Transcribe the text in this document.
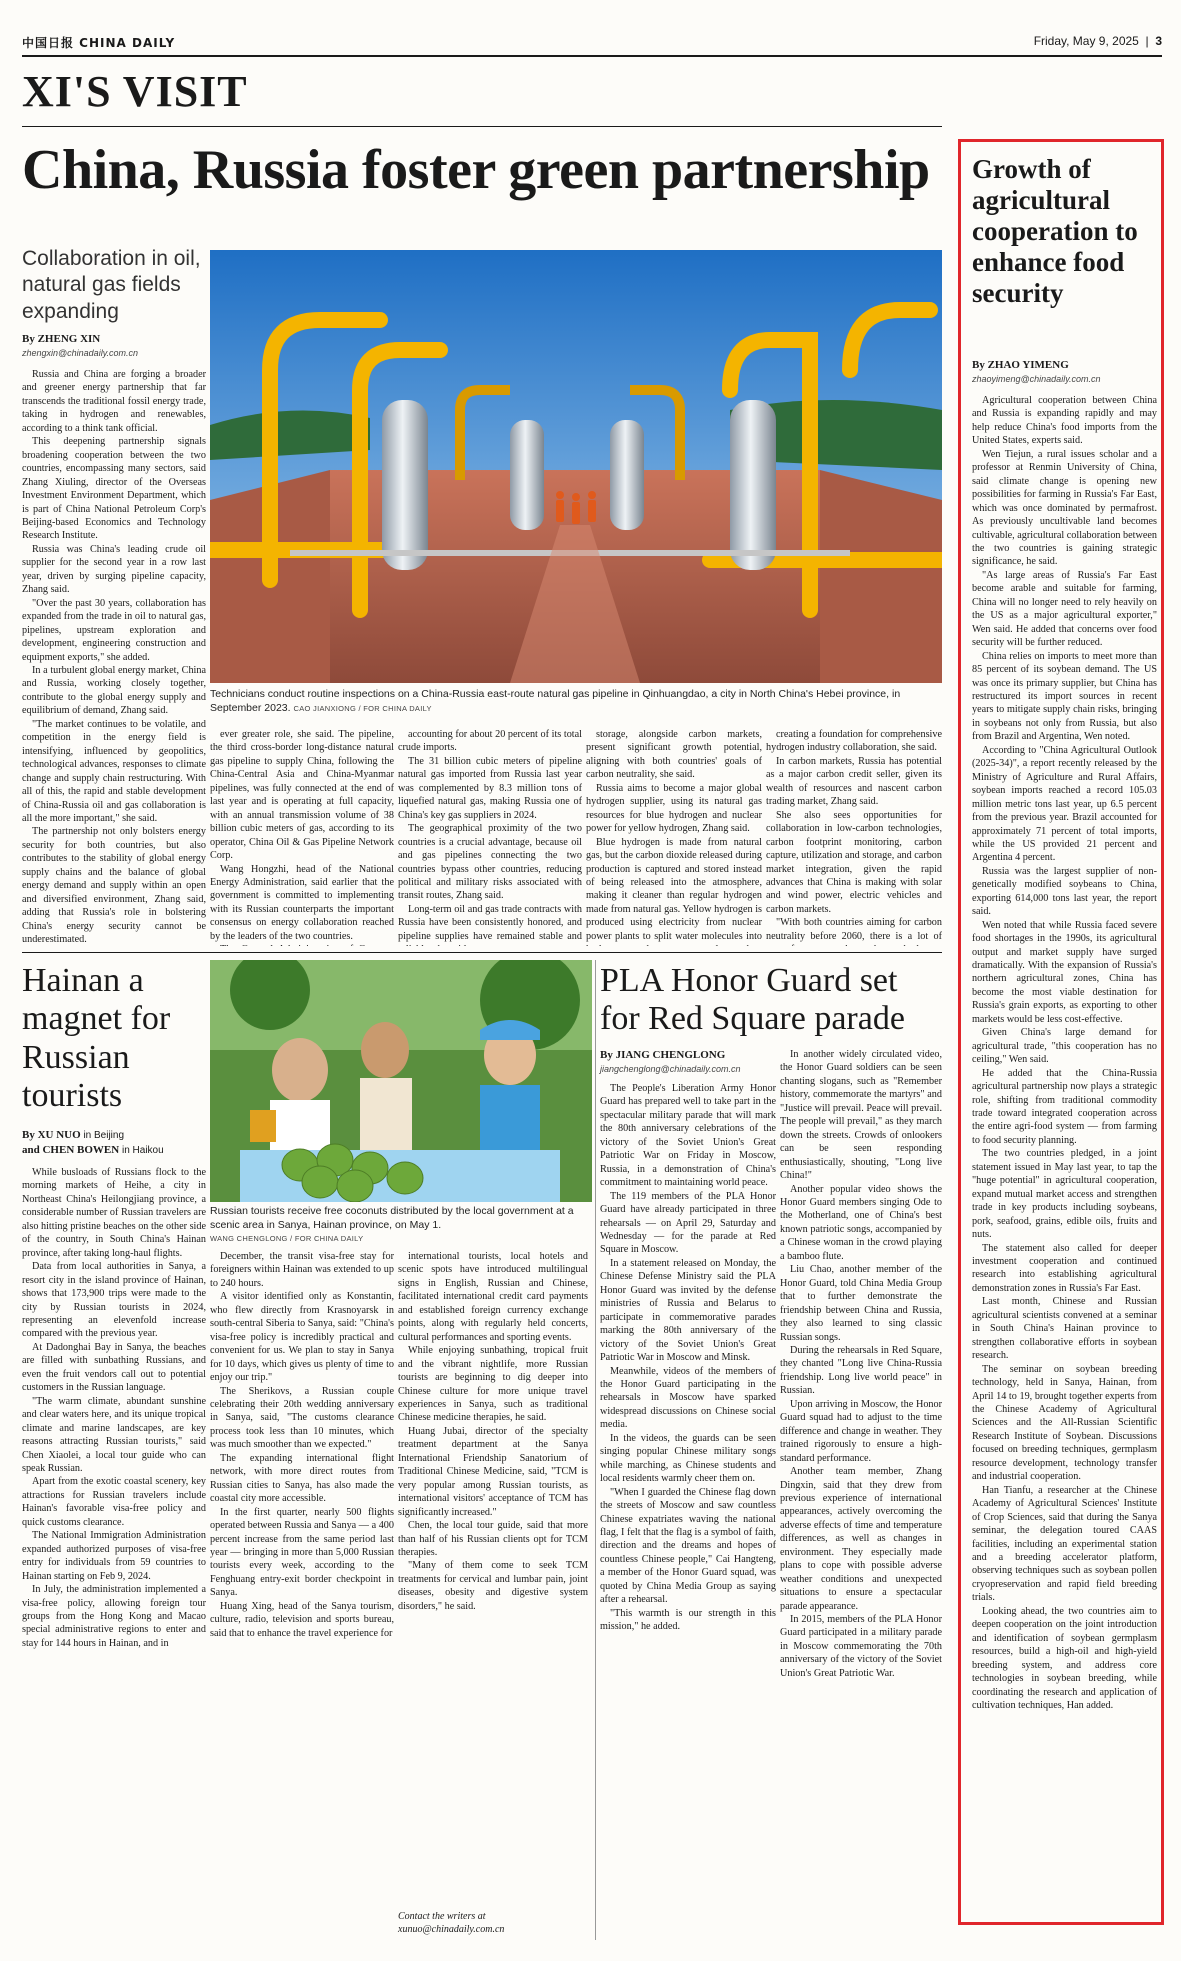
中国日报 CHINA DAILY	Friday, May 9, 2025  |  3
XI'S VISIT
China, Russia foster green partnership
Collaboration in oil, natural gas fields expanding
By ZHENG XIN
zhengxin@chinadaily.com.cn
Technicians conduct routine inspections on a China-Russia east-route natural gas pipeline in Qinhuangdao, a city in North China's Hebei province, in September 2023. CAO JIANXIONG / FOR CHINA DAILY

Russia and China are forging a broader and greener energy partnership that far transcends the traditional fossil energy trade, taking in hydrogen and renewables, according to a think tank official.

This deepening partnership signals broadening cooperation between the two countries, encompassing many sectors, said Zhang Xiuling, director of the Overseas Investment Environment Department, which is part of China National Petroleum Corp's Beijing-based Economics and Technology Research Institute.

Russia was China's leading crude oil supplier for the second year in a row last year, driven by surging pipeline capacity, Zhang said.

"Over the past 30 years, collaboration has expanded from the trade in oil to natural gas, pipelines, upstream exploration and development, engineering construction and equipment exports," she added.

In a turbulent global energy market, China and Russia, working closely together, contribute to the global energy supply and equilibrium of demand, Zhang said.

"The market continues to be volatile, and competition in the energy field is intensifying, influenced by geopolitics, technological advances, responses to climate change and supply chain restructuring. With all of this, the rapid and stable development of China-Russia oil and gas collaboration is all the more important," she said.

The partnership not only bolsters energy security for both countries, but also contributes to the stability of global energy supply chains and the balance of global energy demand and supply within an open and diversified environment, Zhang said, adding that Russia's role in bolstering China's energy security cannot be underestimated.

ever greater role, she said. The pipeline, the third cross-border long-distance natural gas pipeline to supply China, following the China-Central Asia and China-Myanmar pipelines, was fully connected at the end of last year and is operating at full capacity, with an annual transmission volume of 38 billion cubic meters of gas, according to its operator, China Oil & Gas Pipeline Network Corp.

Wang Hongzhi, head of the National Energy Administration, said earlier that the government is committed to implementing with its Russian counterparts the important consensus on energy collaboration reached by the leaders of the two countries.

accounting for about 20 percent of its total crude imports.

The 31 billion cubic meters of pipeline natural gas imported from Russia last year was complemented by 8.3 million tons of liquefied natural gas, making Russia one of China's key gas suppliers in 2024.

The geographical proximity of the two countries is a crucial advantage, because oil and gas pipelines connecting the two countries bypass other countries, reducing political and military risks associated with transit routes, Zhang said.

Long-term oil and gas trade contracts with Russia have been consistently honored, and pipeline supplies have remained stable and

storage, alongside carbon markets, present significant growth potential, aligning with both countries' goals of carbon neutrality, she said.

Russia aims to become a major global hydrogen supplier, using its natural gas resources for blue hydrogen and nuclear power for yellow hydrogen, Zhang said.

Blue hydrogen is made from natural gas, but the carbon dioxide released during production is captured and stored instead of being released into the atmosphere, making it cleaner than regular hydrogen made from natural gas. Yellow hydrogen is produced using electricity from nuclear power plants to split water molecules into

creating a foundation for comprehensive hydrogen industry collaboration, she said.

In carbon markets, Russia has potential as a major carbon credit seller, given its wealth of resources and nascent carbon trading market, Zhang said.

She also sees opportunities for collaboration in low-carbon technologies, carbon footprint monitoring, carbon capture, utilization and storage, and carbon market integration, given the rapid advances that China is making with solar and wind power, electric vehicles and carbon markets.

"With both countries aiming for carbon neutrality before 2060, there is a lot of

Hainan a magnet for Russian tourists
By XU NUO in Beijing
and CHEN BOWEN in Haikou
Russian tourists receive free coconuts distributed by the local government at a scenic area in Sanya, Hainan province, on May 1.
WANG CHENGLONG / FOR CHINA DAILY

While busloads of Russians flock to the morning markets of Heihe, a city in Northeast China's Heilongjiang province, a considerable number of Russian travelers are also hitting pristine beaches on the other side of the country, in South China's Hainan province, after taking long-haul flights.

Data from local authorities in Sanya, a resort city in the island province of Hainan, shows that 173,900 trips were made to the city by Russian tourists in 2024, representing an elevenfold increase compared with the previous year.

At Dadonghai Bay in Sanya, the beaches are filled with sunbathing Russians, and even the fruit vendors call out to potential customers in the Russian language.

"The warm climate, abundant sunshine and clear waters here, and its unique tropical climate and marine landscapes, are key reasons attracting Russian tourists," said Chen Xiaolei, a local tour guide who can speak Russian.

Apart from the exotic coastal scenery, key attractions for Russian travelers include Hainan's favorable visa-free policy and quick customs clearance.

The National Immigration Administration expanded authorized purposes of visa-free entry for individuals from 59 countries to Hainan starting on Feb 9, 2024.

In July, the administration implemented a visa-free policy, allowing foreign tour groups from the Hong Kong and Macao special administrative regions to enter and stay for 144 hours in Hainan, and in

December, the transit visa-free stay for foreigners within Hainan was extended to up to 240 hours.

A visitor identified only as Konstantin, who flew directly from Krasnoyarsk in south-central Siberia to Sanya, said: "China's visa-free policy is incredibly practical and convenient for us. We plan to stay in Sanya for 10 days, which gives us plenty of time to enjoy our trip."

The Sherikovs, a Russian couple celebrating their 20th wedding anniversary in Sanya, said, "The customs clearance process took less than 10 minutes, which was much smoother than we expected."

The expanding international flight network, with more direct routes from Russian cities to Sanya, has also made the coastal city more accessible.

In the first quarter, nearly 500 flights operated between Russia and Sanya — a 400 percent increase from the same period last year — bringing in more than 5,000 Russian tourists every week, according to the Fenghuang entry-exit border checkpoint in Sanya.

Huang Xing, head of the Sanya tourism, culture, radio, television and sports bureau, said that to enhance the travel experience for

international tourists, local hotels and scenic spots have introduced multilingual signs in English, Russian and Chinese, facilitated international credit card payments and established foreign currency exchange points, along with regularly held concerts, cultural performances and sporting events.

While enjoying sunbathing, tropical fruit and the vibrant nightlife, more Russian tourists are beginning to dig deeper into Chinese culture for more unique travel experiences in Sanya, such as traditional Chinese medicine therapies, he said.

Huang Jubai, director of the specialty treatment department at the Sanya International Friendship Sanatorium of Traditional Chinese Medicine, said, "TCM is very popular among Russian tourists, as international visitors' acceptance of TCM has significantly increased."

Chen, the local tour guide, said that more than half of his Russian clients opt for TCM therapies.

"Many of them come to seek TCM treatments for cervical and lumbar pain, joint diseases, obesity and digestive system disorders," he said.

Contact the writers at
xunuo@chinadaily.com.cn
PLA Honor Guard set for Red Square parade
By JIANG CHENGLONG
jiangchenglong@chinadaily.com.cn

The People's Liberation Army Honor Guard has prepared well to take part in the spectacular military parade that will mark the 80th anniversary celebrations of the victory of the Soviet Union's Great Patriotic War on Friday in Moscow, Russia, in a demonstration of China's commitment to maintaining world peace.

The 119 members of the PLA Honor Guard have already participated in three rehearsals — on April 29, Saturday and Wednesday — for the parade at Red Square in Moscow.

In a statement released on Monday, the Chinese Defense Ministry said the PLA Honor Guard was invited by the defense ministries of Russia and Belarus to participate in commemorative parades marking the 80th anniversary of the victory of the Soviet Union's Great Patriotic War in Moscow and Minsk.

Meanwhile, videos of the members of the Honor Guard participating in the rehearsals in Moscow have sparked widespread discussions on Chinese social media.

In the videos, the guards can be seen singing popular Chinese military songs while marching, as Chinese students and local residents warmly cheer them on.

"When I guarded the Chinese flag down the streets of Moscow and saw countless Chinese expatriates waving the national flag, I felt that the flag is a symbol of faith, direction and the dreams and hopes of countless Chinese people," Cai Hangteng, a member of the Honor Guard squad, was quoted by China Media Group as saying after a rehearsal.

"This warmth is our strength in this mission," he added.

In another widely circulated video, the Honor Guard soldiers can be seen chanting slogans, such as "Remember history, commemorate the martyrs" and "Justice will prevail. Peace will prevail. The people will prevail," as they march down the streets. Crowds of onlookers can be seen responding enthusiastically, shouting, "Long live China!"

Another popular video shows the Honor Guard members singing Ode to the Motherland, one of China's best known patriotic songs, accompanied by a Chinese woman in the crowd playing a bamboo flute.

Liu Chao, another member of the Honor Guard, told China Media Group that to further demonstrate the friendship between China and Russia, they also learned to sing classic Russian songs.

During the rehearsals in Red Square, they chanted "Long live China-Russia friendship. Long live world peace" in Russian.

Upon arriving in Moscow, the Honor Guard squad had to adjust to the time difference and change in weather. They trained rigorously to ensure a high-standard performance.

Another team member, Zhang Dingxin, said that they drew from previous experience of international appearances, actively overcoming the adverse effects of time and temperature differences, as well as changes in environment. They especially made plans to cope with possible adverse weather conditions and unexpected situations to ensure a spectacular parade appearance.

In 2015, members of the PLA Honor Guard participated in a military parade in Moscow commemorating the 70th anniversary of the victory of the Soviet Union's Great Patriotic War.

Growth of agricultural cooperation to enhance food security
By ZHAO YIMENG
zhaoyimeng@chinadaily.com.cn

Agricultural cooperation between China and Russia is expanding rapidly and may help reduce China's food imports from the United States, experts said.

Wen Tiejun, a rural issues scholar and a professor at Renmin University of China, said climate change is opening new possibilities for farming in Russia's Far East, which was once dominated by permafrost. As previously uncultivable land becomes cultivable, agricultural collaboration between the two countries is gaining strategic significance, he said.

"As large areas of Russia's Far East become arable and suitable for farming, China will no longer need to rely heavily on the US as a major agricultural exporter," Wen said. He added that concerns over food security will be further reduced.

China relies on imports to meet more than 85 percent of its soybean demand. The US was once its primary supplier, but China has restructured its import sources in recent years to mitigate supply chain risks, bringing in soybeans not only from Russia, but also from Brazil and Argentina, Wen noted.

According to "China Agricultural Outlook (2025-34)", a report recently released by the Ministry of Agriculture and Rural Affairs, soybean imports reached a record 105.03 million metric tons last year, up 6.5 percent from the previous year. Brazil accounted for approximately 71 percent of total imports, while the US provided 21 percent and Argentina 4 percent.

Russia was the largest supplier of non-genetically modified soybeans to China, exporting 614,000 tons last year, the report said.

Wen noted that while Russia faced severe food shortages in the 1990s, its agricultural output and market supply have surged dramatically. With the expansion of Russia's northern agricultural zones, China has become the most viable destination for Russia's grain exports, as exporting to other markets would be less cost-effective.

Given China's large demand for agricultural trade, "this cooperation has no ceiling," Wen said.

He added that the China-Russia agricultural partnership now plays a strategic role, shifting from traditional commodity trade toward integrated cooperation across the entire agri-food system — from farming to food security planning.

The two countries pledged, in a joint statement issued in May last year, to tap the "huge potential" in agricultural cooperation, expand mutual market access and strengthen trade in key products including soybeans, pork, seafood, grains, edible oils, fruits and nuts.

The statement also called for deeper investment cooperation and continued research into establishing agricultural demonstration zones in Russia's Far East.

Last month, Chinese and Russian agricultural scientists convened at a seminar in South China's Hainan province to strengthen collaborative efforts in soybean research.

The seminar on soybean breeding technology, held in Sanya, Hainan, from April 14 to 19, brought together experts from the Chinese Academy of Agricultural Sciences and the All-Russian Scientific Research Institute of Soybean. Discussions focused on breeding techniques, germplasm resource development, technology transfer and industrial cooperation.

Han Tianfu, a researcher at the Chinese Academy of Agricultural Sciences' Institute of Crop Sciences, said that during the Sanya seminar, the delegation toured CAAS facilities, including an experimental station and a breeding accelerator platform, observing techniques such as soybean pollen cryopreservation and rapid field breeding trials.

Looking ahead, the two countries aim to deepen cooperation on the joint introduction and identification of soybean germplasm resources, build a high-oil and high-yield breeding system, and address core technologies in soybean breeding, while coordinating the research and application of cultivation techniques, Han added.
